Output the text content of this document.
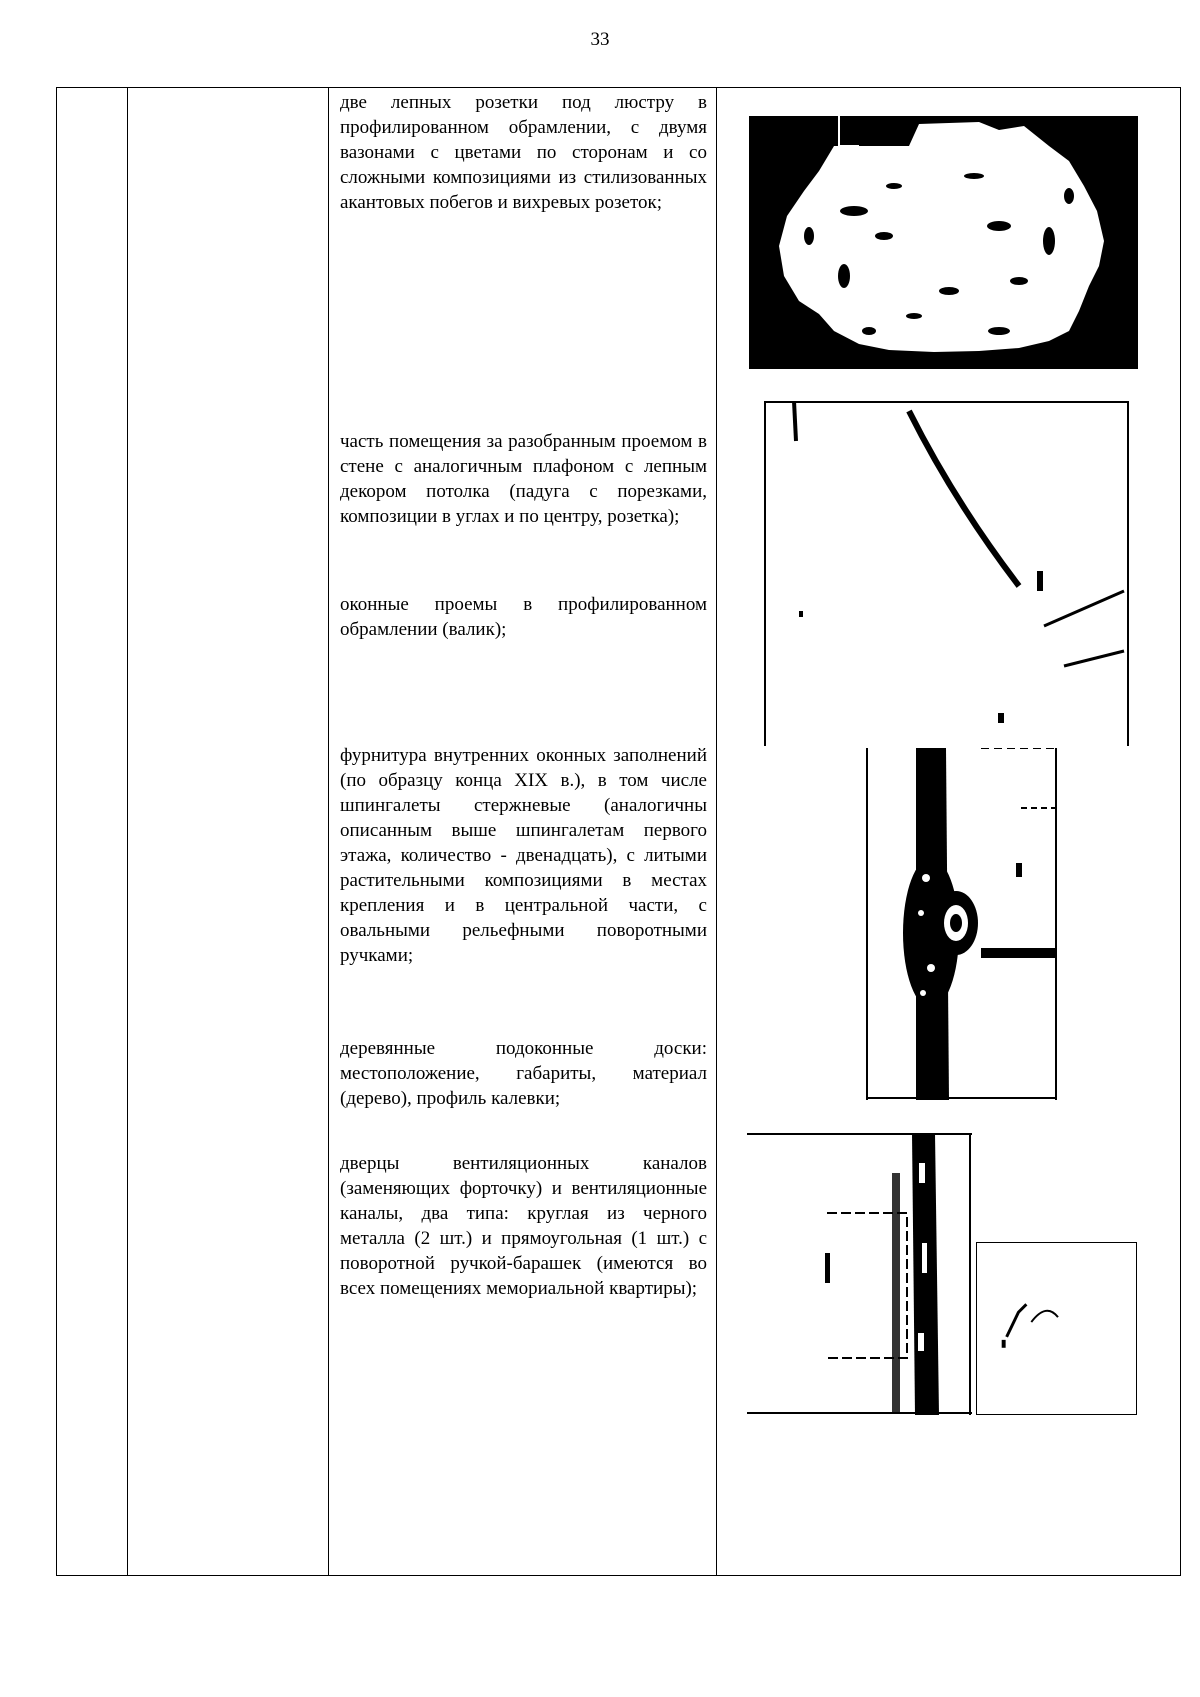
33

две лепных розетки под люстру в профилированном обрамлении, с двумя вазонами с цветами по сторонам и со сложными композициями из стилизованных акантовых побегов и вихревых розеток;

часть помещения за разобранным проемом в стене с аналогичным плафоном с лепным декором потолка (падуга с порезками, композиции в углах и по центру, розетка);

оконные проемы в профилированном обрамлении (валик);

фурнитура внутренних оконных заполнений (по образцу конца XIX в.), в том числе шпингалеты стержневые (аналогичны описанным выше шпингалетам первого этажа, количество - двенадцать), с литыми растительными композициями в местах крепления и в центральной части, с овальными рельефными поворотными ручками;

деревянные подоконные доски: местоположение, габариты, материал (дерево), профиль калевки;

дверцы вентиляционных каналов (заменяющих форточку) и вентиляционные каналы, два типа: круглая из черного металла (2 шт.) и прямоугольная (1 шт.) с поворотной ручкой-барашек (имеются во всех помещениях мемориальной квартиры);
